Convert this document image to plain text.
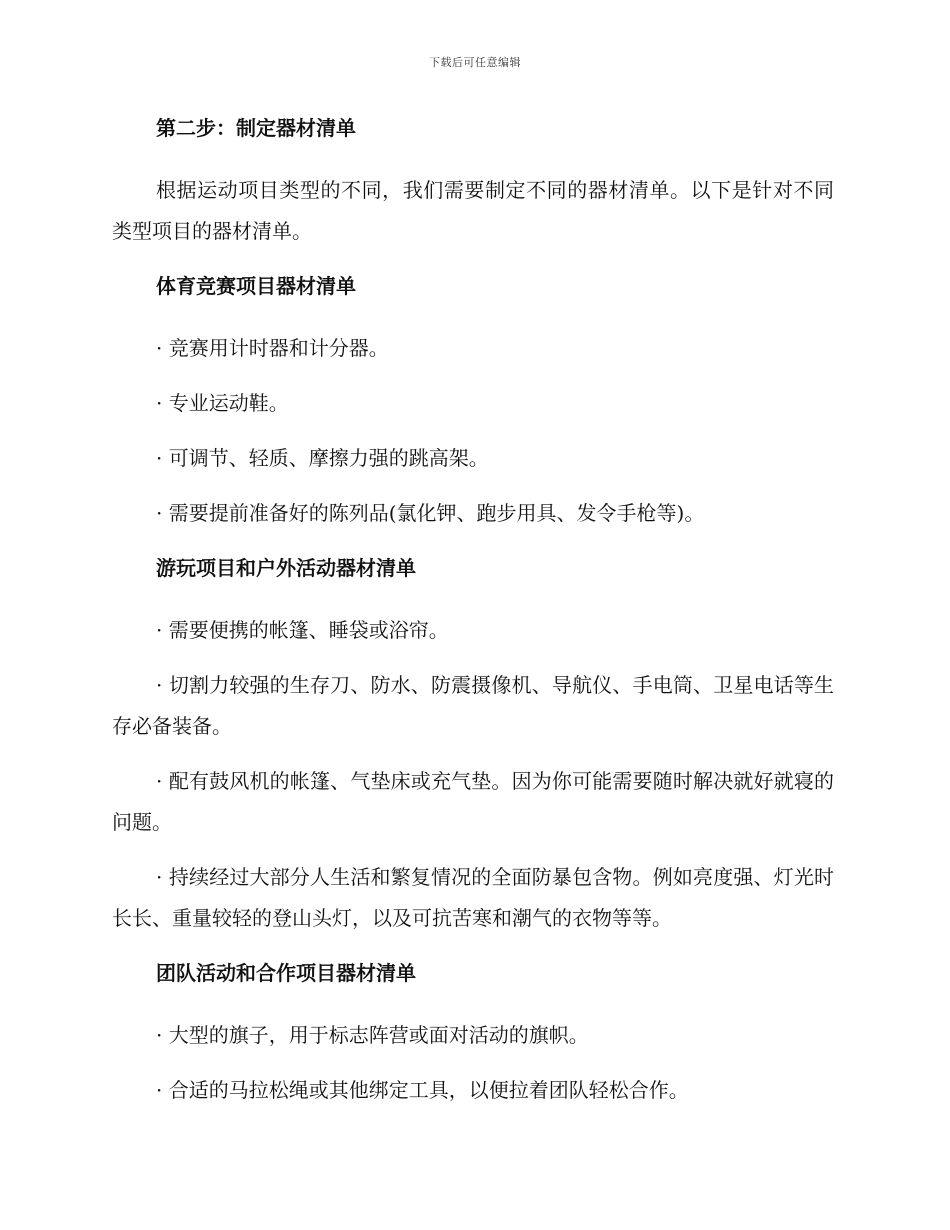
下载后可任意编辑
第二步：制定器材清单
根据运动项目类型的不同，我们需要制定不同的器材清单。以下是针对不同类型项目的器材清单。
体育竞赛项目器材清单
· 竞赛用计时器和计分器。
· 专业运动鞋。
· 可调节、轻质、摩擦力强的跳高架。
· 需要提前准备好的陈列品(氯化钾、跑步用具、发令手枪等)。
游玩项目和户外活动器材清单
· 需要便携的帐篷、睡袋或浴帘。
· 切割力较强的生存刀、防水、防震摄像机、导航仪、手电筒、卫星电话等生存必备装备。
· 配有鼓风机的帐篷、气垫床或充气垫。因为你可能需要随时解决就好就寝的问题。
· 持续经过大部分人生活和繁复情况的全面防暴包含物。例如亮度强、灯光时长长、重量较轻的登山头灯，以及可抗苦寒和潮气的衣物等等。
团队活动和合作项目器材清单
· 大型的旗子，用于标志阵营或面对活动的旗帜。
· 合适的马拉松绳或其他绑定工具，以便拉着团队轻松合作。
